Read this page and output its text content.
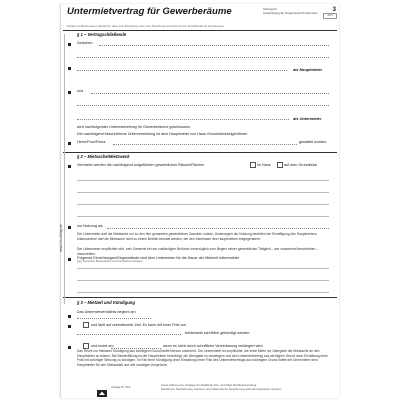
Untermietvertrag für Gewerberäume	Vertrag für
Ausfertigung für Hauptmieter/Untermieter	3
2016
Punkte am Rand weisen darauf hin, dass eine Eintragung oder eine Streichung vorzunehmen ist. Zutreffendes ist anzukreuzen.
§ 1 – Vertragschließende
Zwischen
als Hauptmieter
und
als Untermieter
wird nachfolgender Untermietvertrag für Gewerberäume geschlossen.
Die nachfolgend beschriebene Untervermietung ist dem Hauptmieter von Haus-/Grundstückseigentümer
Herrn/Frau/Firma	gestattet worden.
§ 2 – Mietsache/Mietzweck
Vermietet werden die nachfolgend aufgeführten gewerblichen Räume/Flächen	im Haus	auf dem Grundstück
zur Nutzung als
Der Untermieter darf die Mietsache nur zu den hier genannten gewerblichen Zwecken nutzen. Änderungen der Nutzung bedürfen der Einwilligung des Hauptmieters. Insbesondere darf die Mietsache nicht zu einem Betrieb benutzt werden, der den Interessen des Hauptmieters entgegensteht.
Der Untermieter verpflichtet sich, sein Gewerbe bei der zuständigen Behörde unverzüglich zum Beginn seiner gewerblichen Tätigkeit – wie vorstehend beschrieben – anzumelden.
Folgende Einrichtungen/Gegenstände sind dem Untermieter für die Dauer der Mietzeit mitvermietet
(ggf. besondere Bestandsliste und Inventarliste beifügen)
§ 3 – Mietzeit und Kündigung
Das Untermietverhältnis beginnt am
und läuft auf unbestimmte Zeit. Es kann mit einer Frist von
beiderseits schriftlich gekündigt werden.
und endet am	wenn es nicht durch schriftliche Vereinbarung verlängert wird.
Das Recht zur fristlosen Kündigung aus wichtigem Grund bleibt hiervon unberührt. Der Untermieter ist verpflichtet, die erste Miete vor Übergabe der Mietsache an den Hauptmieter zu leisten. Bei Nichterfüllung ist der Hauptmieter berechtigt, die Übergabe zu verweigern und den Untermietvertrag aus wichtigem Grund ohne Einhaltung einer Frist mit sofortiger Wirkung zu kündigen. Im Fall einer Kündigung ohne Einhaltung einer Frist des Untermietvertrags aus wichtigem Grund haftet der Untermieter dem Hauptmieter für den Mietausfall und alle sonstigen Ansprüche.
www.rnk-verlag.de
Keine Haftung des Verlages für inhaltliche bzw. unrichtige Rechtsanwendung.
Nachdruck, Nachahmung, Kopieren und elektronische Speicherung auch auszugsweise verboten.
Verlags-Nr. 519
